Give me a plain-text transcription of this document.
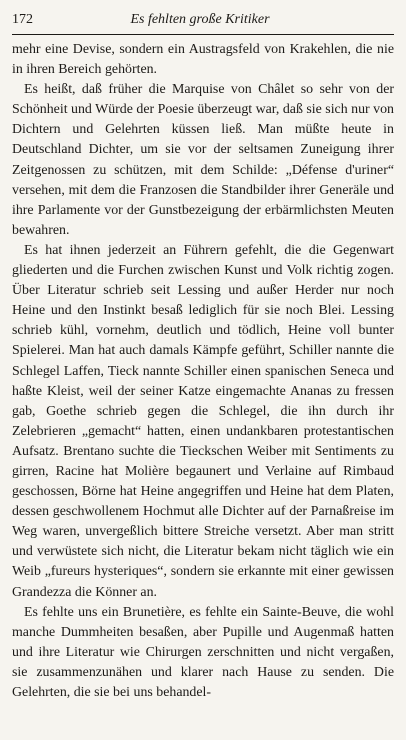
172	Es fehlten große Kritiker

mehr eine Devise, sondern ein Austragsfeld von Krakehlen, die nie in ihren Bereich gehörten.

Es heißt, daß früher die Marquise von Châlet so sehr von der Schönheit und Würde der Poesie überzeugt war, daß sie sich nur von Dichtern und Gelehrten küssen ließ. Man müßte heute in Deutschland Dichter, um sie vor der seltsamen Zuneigung ihrer Zeitgenossen zu schützen, mit dem Schilde: „Défense d'uriner“ versehen, mit dem die Franzosen die Standbilder ihrer Generäle und ihre Parlamente vor der Gunstbezeigung der erbärmlichsten Meuten bewahren.

Es hat ihnen jederzeit an Führern gefehlt, die die Gegenwart gliederten und die Furchen zwischen Kunst und Volk richtig zogen. Über Literatur schrieb seit Lessing und außer Herder nur noch Heine und den Instinkt besaß lediglich für sie noch Blei. Lessing schrieb kühl, vornehm, deutlich und tödlich, Heine voll bunter Spielerei. Man hat auch damals Kämpfe geführt, Schiller nannte die Schlegel Laffen, Tieck nannte Schiller einen spanischen Seneca und haßte Kleist, weil der seiner Katze eingemachte Ananas zu fressen gab, Goethe schrieb gegen die Schlegel, die ihn durch ihr Zelebrieren „gemacht“ hatten, einen undankbaren protestantischen Aufsatz. Brentano suchte die Tieckschen Weiber mit Sentiments zu girren, Racine hat Molière begaunert und Verlaine auf Rimbaud geschossen, Börne hat Heine angegriffen und Heine hat dem Platen, dessen geschwollenem Hochmut alle Dichter auf der Parnaßreise im Weg waren, unvergeßlich bittere Streiche versetzt. Aber man stritt und verwüstete sich nicht, die Literatur bekam nicht täglich wie ein Weib „fureurs hysteriques“, sondern sie erkannte mit einer gewissen Grandezza die Könner an.

Es fehlte uns ein Brunetière, es fehlte ein Sainte-Beuve, die wohl manche Dummheiten besaßen, aber Pupille und Augenmaß hatten und ihre Literatur wie Chirurgen zerschnitten und nicht vergaßen, sie zusammenzunähen und klarer nach Hause zu senden. Die Gelehrten, die sie bei uns behandel-
